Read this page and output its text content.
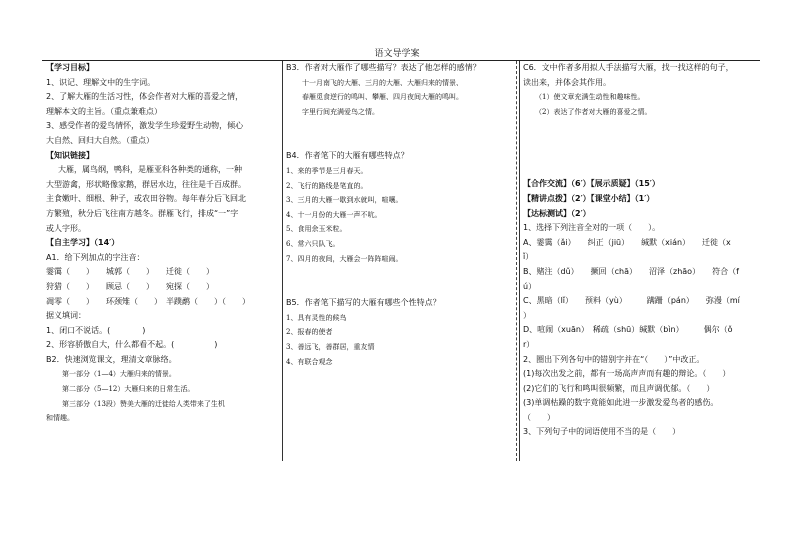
语文导学案

【学习目标】

1、识记、理解文中的生字词。

2、了解大雁的生活习性，体会作者对大雁的喜爱之情，

理解本文的主旨。（重点兼难点）

3、感受作者的爱鸟情怀，激发学生珍爱野生动物，倾心

大自然、回归大自然。（重点）

【知识链接】

大雁，属鸟纲，鸭科，是雁亚科各种类的通称，一种

大型游禽，形状略像家鹅，群居水边，往往是千百成群。

主食嫩叶、细根、种子，或农田谷物。每年春分后飞回北

方繁殖，秋分后飞往南方越冬。群雁飞行，排成“一”字

或人字形。

【自主学习】（14′）

A1．给下列加点的字注音：

霎霭（　　）　　城郭（　　）　　迁徙（　　）

狩猎（　　）　　顾忌（　　）　　宛探（　　）

凋零（　　）　　环颈雉（　　）　半蹼鹬（　　）（　　）

据义填词：

1、闭口不说话。(　　　　)

2、形容骄傲自大，什么都看不起。(　　　　　)

B2．快速浏览课文，理清文章脉络。

第一部分（1—4）大雁归来的情景。

第二部分（5—12）大雁归来的日常生活。

第三部分（13段）赞美大雁的迁徙给人类带来了生机

和情趣。

B3．作者对大雁作了哪些描写？表达了他怎样的感情？

十一月南飞的大雁、三月的大雁、大雁归来的情景、

春雁觅食逆行的鸣叫、攀雁、四月夜间大雁的鸣叫。

字里行间充满爱鸟之情。

B4．作者笔下的大雁有哪些特点？

1、来的季节是三月春天。

2、飞行的路线是笔直的。

3、三月的大雁一歇到水就叫，喧嚷。

4、十一月份的大雁一声不吭。

5、食用余玉米粒。

6、常六只队飞。

7、四月的夜间，大雁会一阵阵喧闹。

B5．作者笔下描写的大雁有哪些个性特点？

1、具有灵性的候鸟

2、报春的使者

3、善远飞，善群居，重友情

4、有联合观念

C6．文中作者多用拟人手法描写大雁，找一找这样的句子，

读出来，并体会其作用。

（1）使文章充满生动性和趣味性。

（2）表达了作者对大雁的喜爱之情。

【合作交流】（6′）【展示质疑】（15′）

【精讲点拨】（2′）【课堂小结】（1′）

【达标测试】（2′）

1、选择下列注音全对的一项（　　）。

A、霎霭（ǎi）　　纠正（jiū）　　缄默（xián）　　迁徙（x

ǐ）

B、赌注（dǔ）　　撅回（chā）　　沼泽（zhāo）　　符合（f

ú）

C、黑暗（lǐ）　　预料（yù）　　　蹒跚（pán）　　弥漫（mí

）

D、喧闹（xuān）　稀疏（shū）缄默（bìn）　　　偶尔（ǒ

r）

2、圈出下列各句中的错别字并在“（　　）”中改正。

(1)每次出发之前，都有一场高声声而有趣的辩论。（　　）

(2)它们的飞行和鸣叫很频繁，而且声调优郁。（　　）

(3)单调枯躁的数字竟能如此进一步激发爱鸟者的感伤。

（　　）

3、下列句子中的词语使用不当的是（　　）
